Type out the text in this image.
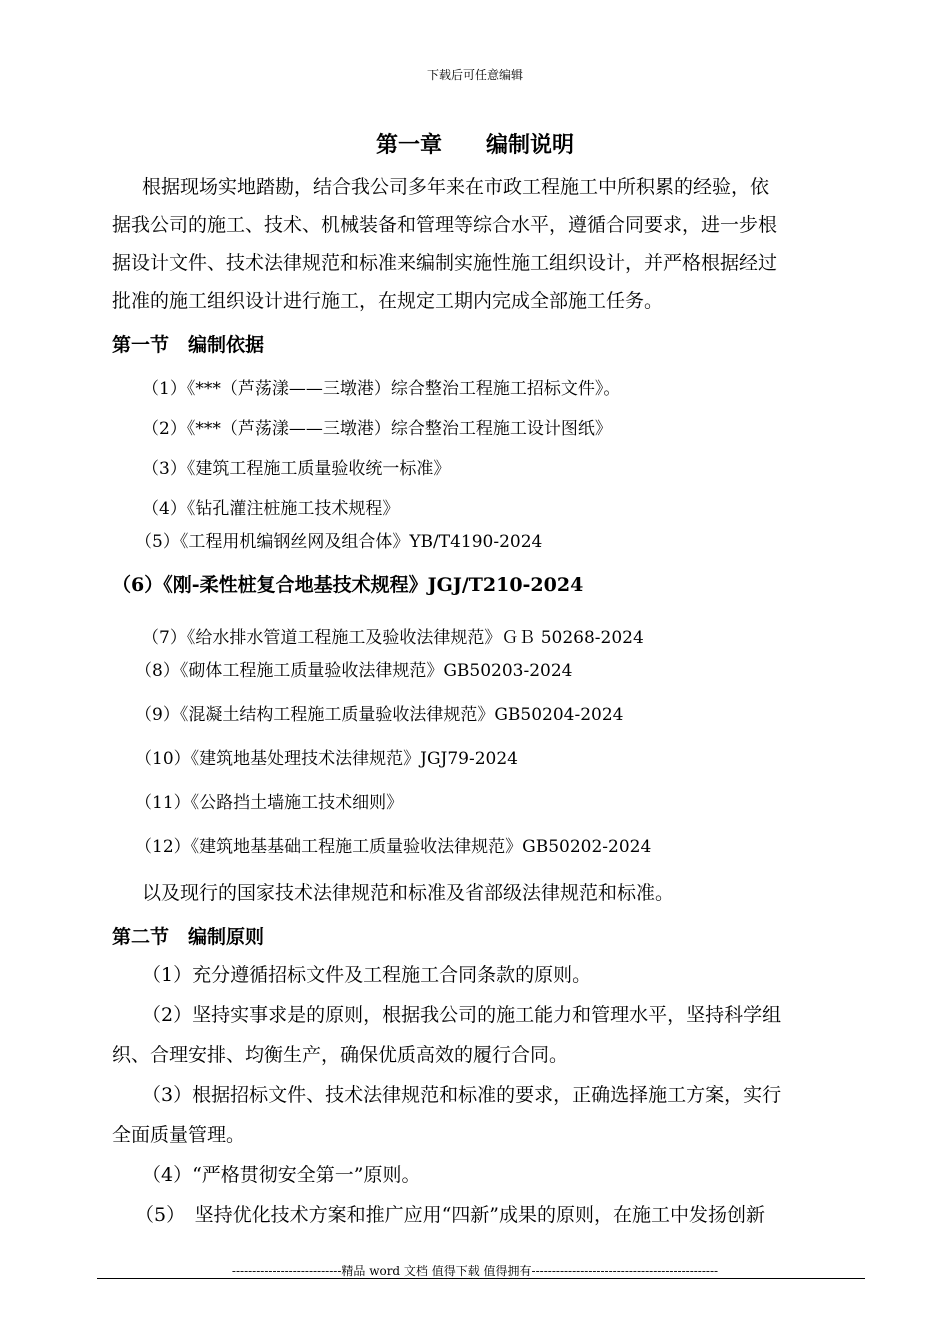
下载后可任意编辑
第一章　　编制说明
根据现场实地踏勘，结合我公司多年来在市政工程施工中所积累的经验，依
据我公司的施工、技术、机械装备和管理等综合水平，遵循合同要求，进一步根
据设计文件、技术法律规范和标准来编制实施性施工组织设计，并严格根据经过
批准的施工组织设计进行施工，在规定工期内完成全部施工任务。
第一节　编制依据
（1）《***（芦荡漾——三墩港）综合整治工程施工招标文件》。
（2）《***（芦荡漾——三墩港）综合整治工程施工设计图纸》
（3）《建筑工程施工质量验收统一标准》
（4）《钻孔灌注桩施工技术规程》
（5）《工程用机编钢丝网及组合体》YB/T4190-2024
（6）《刚-柔性桩复合地基技术规程》JGJ/T210-2024
（7）《给水排水管道工程施工及验收法律规范》ＧＢ 50268-2024
（8）《砌体工程施工质量验收法律规范》GB50203-2024
（9）《混凝土结构工程施工质量验收法律规范》GB50204-2024
（10）《建筑地基处理技术法律规范》JGJ79-2024
（11）《公路挡土墙施工技术细则》
（12）《建筑地基基础工程施工质量验收法律规范》GB50202-2024
以及现行的国家技术法律规范和标准及省部级法律规范和标准。
第二节　编制原则
（1）充分遵循招标文件及工程施工合同条款的原则。
（2）坚持实事求是的原则，根据我公司的施工能力和管理水平，坚持科学组
织、合理安排、均衡生产，确保优质高效的履行合同。
（3）根据招标文件、技术法律规范和标准的要求，正确选择施工方案，实行
全面质量管理。
（4）“严格贯彻安全第一”原则。
（5）　坚持优化技术方案和推广应用“四新”成果的原则，在施工中发扬创新
---------------------------精品 word 文档 值得下载 值得拥有----------------------------------------------
